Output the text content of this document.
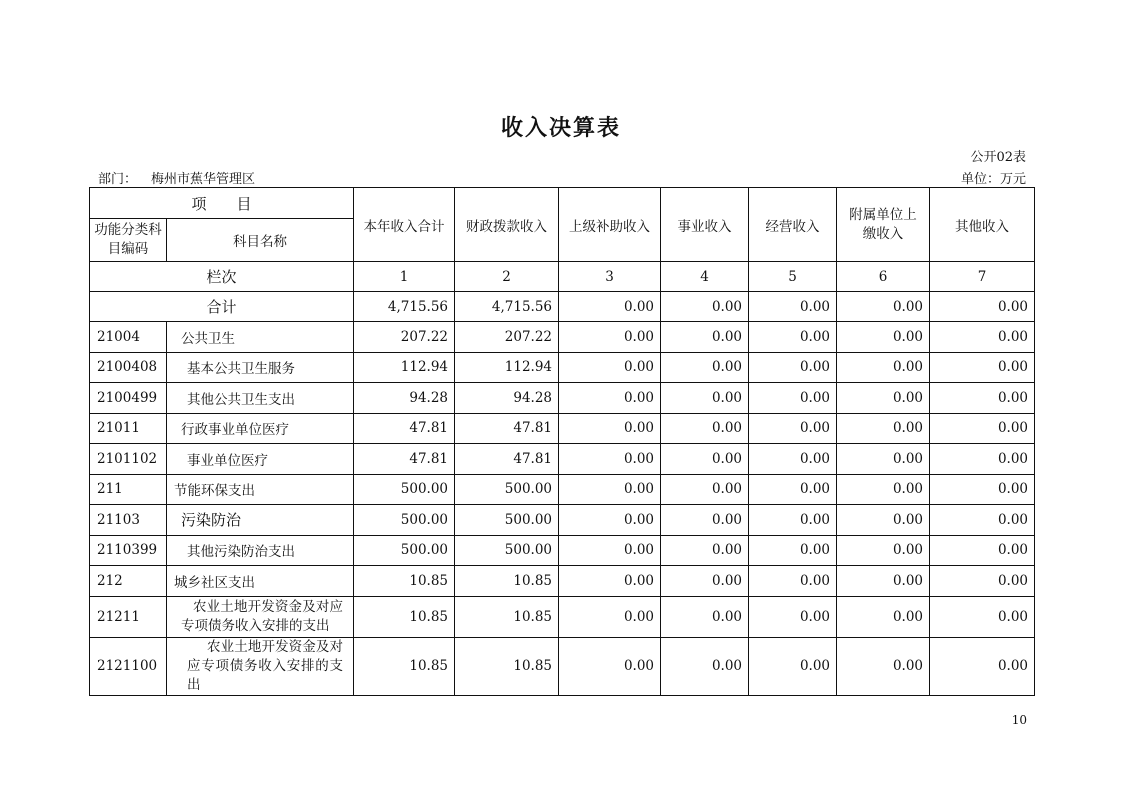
收入决算表
公开02表
部门： 梅州市蕉华管理区	单位：万元
项　　目		本年收入合计	财政拨款收入	上级补助收入	事业收入	经营收入	附属单位上缴收入	其他收入
功能分类科目编码	科目名称							
栏次		1	2	3	4	5	6	7
合计		4,715.56	4,715.56	0.00	0.00	0.00	0.00	0.00
21004	公共卫生	207.22	207.22	0.00	0.00	0.00	0.00	0.00
2100408	基本公共卫生服务	112.94	112.94	0.00	0.00	0.00	0.00	0.00
2100499	其他公共卫生支出	94.28	94.28	0.00	0.00	0.00	0.00	0.00
21011	行政事业单位医疗	47.81	47.81	0.00	0.00	0.00	0.00	0.00
2101102	事业单位医疗	47.81	47.81	0.00	0.00	0.00	0.00	0.00
211	节能环保支出	500.00	500.00	0.00	0.00	0.00	0.00	0.00
21103	污染防治	500.00	500.00	0.00	0.00	0.00	0.00	0.00
2110399	其他污染防治支出	500.00	500.00	0.00	0.00	0.00	0.00	0.00
212	城乡社区支出	10.85	10.85	0.00	0.00	0.00	0.00	0.00
21211	农业土地开发资金及对应专项债务收入安排的支出	10.85	10.85	0.00	0.00	0.00	0.00	0.00
2121100	农业土地开发资金及对应专项债务收入安排的支出	10.85	10.85	0.00	0.00	0.00	0.00	0.00
10
